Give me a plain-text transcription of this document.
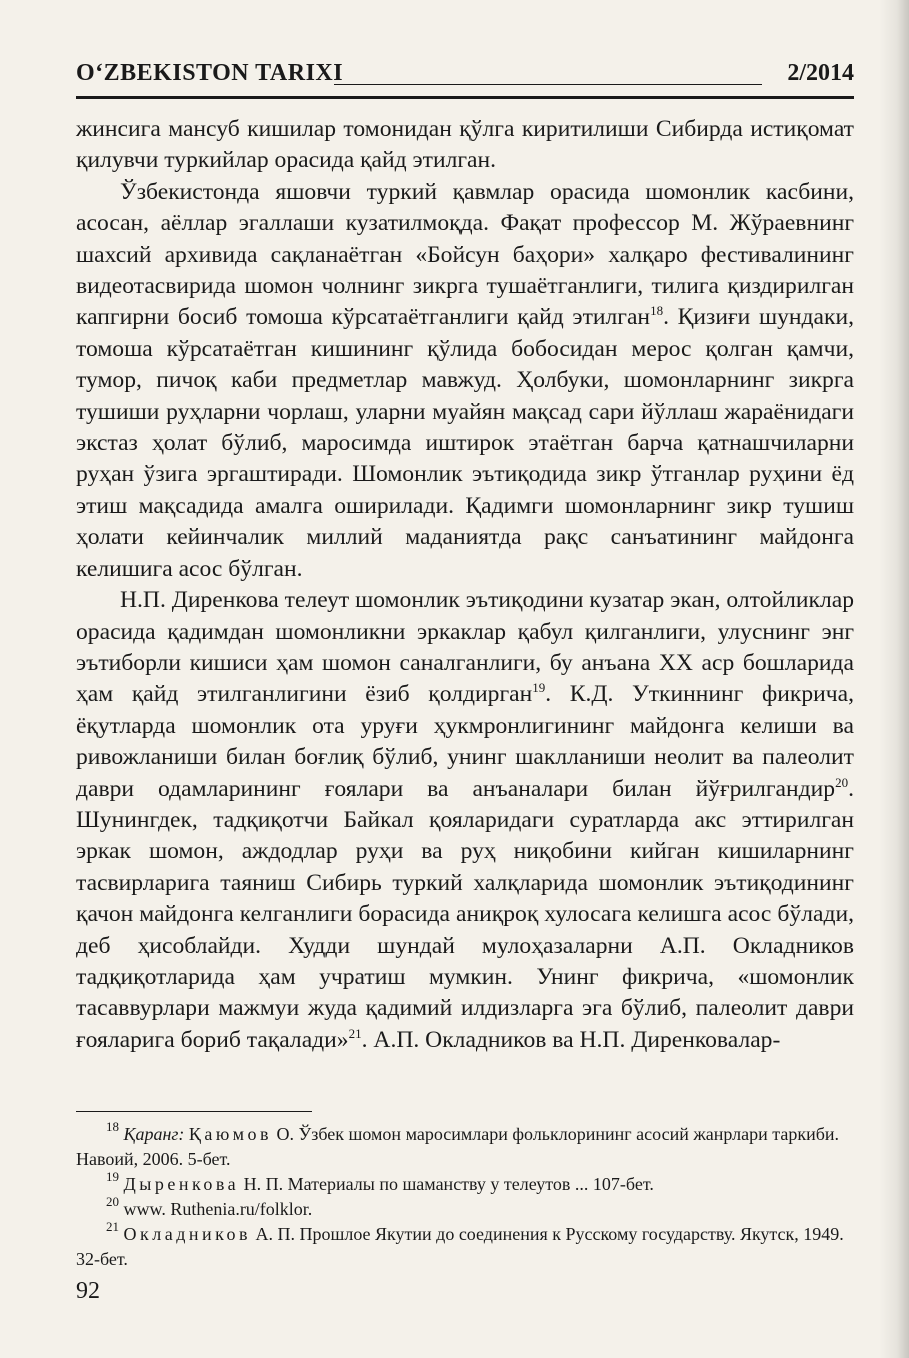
O‘ZBEKISTON TARIXI	2/2014

жинсига мансуб кишилар томонидан қўлга киритилиши Сибирда истиқомат қилувчи туркийлар орасида қайд этилган.

Ўзбекистонда яшовчи туркий қавмлар орасида шомонлик касбини, асосан, аёллар эгаллаши кузатилмоқда. Фақат профессор М. Жўраевнинг шахсий архивида сақланаётган «Бойсун баҳори» халқаро фестивалининг видеотасвирида шомон чолнинг зикрга тушаётганлиги, тилига қиздирилган капгирни босиб томоша кўрсатаётганлиги қайд этилган$^{18}$. Қизиғи шундаки, томоша кўрсатаётган кишининг қўлида бобосидан мерос қолган қамчи, тумор, пичоқ каби предметлар мавжуд. Ҳолбуки, шомонларнинг зикрга тушиши руҳларни чорлаш, уларни муайян мақсад сари йўллаш жараёнидаги экстаз ҳолат бўлиб, маросимда иштирок этаётган барча қатнашчиларни руҳан ўзига эргаштиради. Шомонлик эътиқодида зикр ўтганлар руҳини ёд этиш мақсадида амалга оширилади. Қадимги шомонларнинг зикр тушиш ҳолати кейинчалик миллий маданиятда рақс санъатининг майдонга келишига асос бўлган.

Н.П. Диренкова телеут шомонлик эътиқодини кузатар экан, олтойликлар орасида қадимдан шомонликни эркаклар қабул қилганлиги, улуснинг энг эътиборли кишиси ҳам шомон саналганлиги, бу анъана XX аср бошларида ҳам қайд этилганлигини ёзиб қолдирган$^{19}$. К.Д. Уткиннинг фикрича, ёқутларда шомонлик ота уруғи ҳукмронлигининг майдонга келиши ва ривожланиши билан боғлиқ бўлиб, унинг шаклланиши неолит ва палеолит даври одамларининг ғоялари ва анъаналари билан йўғрилгандир$^{20}$. Шунингдек, тадқиқотчи Байкал қояларидаги суратларда акс эттирилган эркак шомон, аждодлар руҳи ва руҳ ниқобини кийган кишиларнинг тасвирларига таяниш Сибирь туркий халқларида шомонлик эътиқодининг қачон майдонга келганлиги борасида аниқроқ хулосага келишга асос бўлади, деб ҳисоблайди. Худди шундай мулоҳазаларни А.П. Окладников тадқиқотларида ҳам учратиш мумкин. Унинг фикрича, «шомонлик тасаввурлари мажмуи жуда қадимий илдизларга эга бўлиб, палеолит даври ғояларига бориб тақалади»$^{21}$. А.П. Окладников ва Н.П. Диренковалар-

$^{18}$ Қаранг: Қаюмов О. Ўзбек шомон маросимлари фольклорининг асосий жанрлари таркиби. Навоий, 2006. 5-бет.

$^{19}$ Дыренкова Н. П. Материалы по шаманству у телеутов ... 107-бет.

$^{20}$ www. Ruthenia.ru/folklor.

$^{21}$ Окладников А. П. Прошлое Якутии до соединения к Русскому государству. Якутск, 1949. 32-бет.

92
